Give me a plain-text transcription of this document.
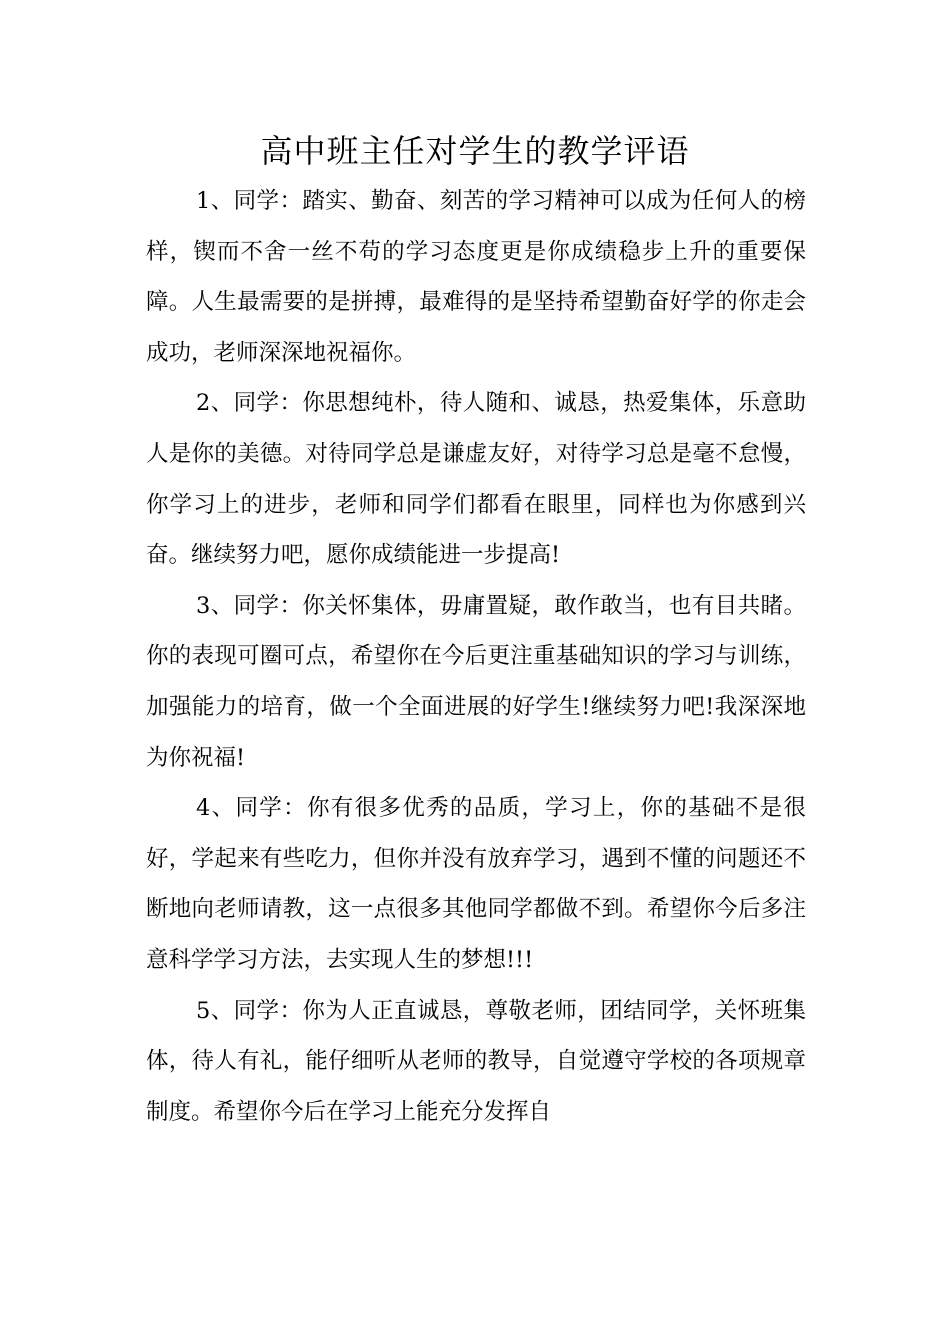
高中班主任对学生的教学评语

1、同学：踏实、勤奋、刻苦的学习精神可以成为任何人的榜样，锲而不舍一丝不苟的学习态度更是你成绩稳步上升的重要保障。人生最需要的是拼搏，最难得的是坚持希望勤奋好学的你走会成功，老师深深地祝福你。

2、同学：你思想纯朴，待人随和、诚恳，热爱集体，乐意助人是你的美德。对待同学总是谦虚友好，对待学习总是毫不怠慢，你学习上的进步，老师和同学们都看在眼里，同样也为你感到兴奋。继续努力吧，愿你成绩能进一步提高!

3、同学：你关怀集体，毋庸置疑，敢作敢当，也有目共睹。你的表现可圈可点，希望你在今后更注重基础知识的学习与训练，加强能力的培育，做一个全面进展的好学生!继续努力吧!我深深地为你祝福!

4、同学：你有很多优秀的品质，学习上，你的基础不是很好，学起来有些吃力，但你并没有放弃学习，遇到不懂的问题还不断地向老师请教，这一点很多其他同学都做不到。希望你今后多注意科学学习方法，去实现人生的梦想!!!

5、同学：你为人正直诚恳，尊敬老师，团结同学，关怀班集体，待人有礼，能仔细听从老师的教导，自觉遵守学校的各项规章制度。希望你今后在学习上能充分发挥自
